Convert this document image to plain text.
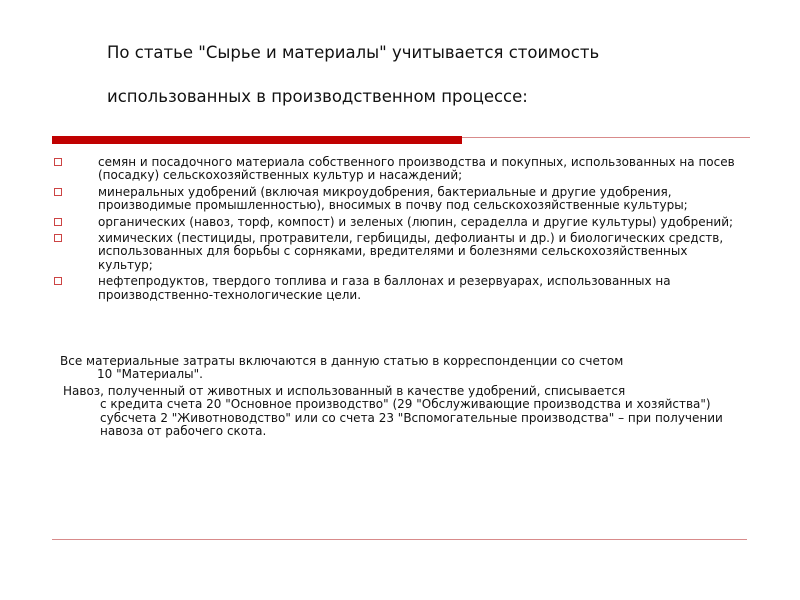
По статье "Сырье и материалы" учитывается стоимость

использованных в производственном процессе:

семян и посадочного материала собственного производства и покупных, использованных на посев (посадку) сельскохозяйственных культур и насаждений;
минеральных удобрений (включая микроудобрения, бактериальные и другие удобрения, производимые промышленностью), вносимых в почву под сельскохозяйственные культуры;
органических (навоз, торф, компост) и зеленых (люпин, сераделла и другие культуры) удобрений;
химических (пестициды, протравители, гербициды, дефолианты и др.) и биологических средств, использованных для борьбы с сорняками, вредителями и болезнями сельскохозяйственных культур;
нефтепродуктов, твердого топлива и газа в баллонах и резервуарах, использованных на производственно-технологические цели.
Все материальные затраты включаются в данную статью в корреспонденции со счетом
10 "Материалы".
Навоз, полученный от животных и использованный в качестве удобрений, списывается
с кредита счета 20 "Основное производство" (29 "Обслуживающие производства и хозяйства") субсчета 2 "Животноводство" или со счета 23 "Вспомогательные производства" – при получении навоза от рабочего скота.
